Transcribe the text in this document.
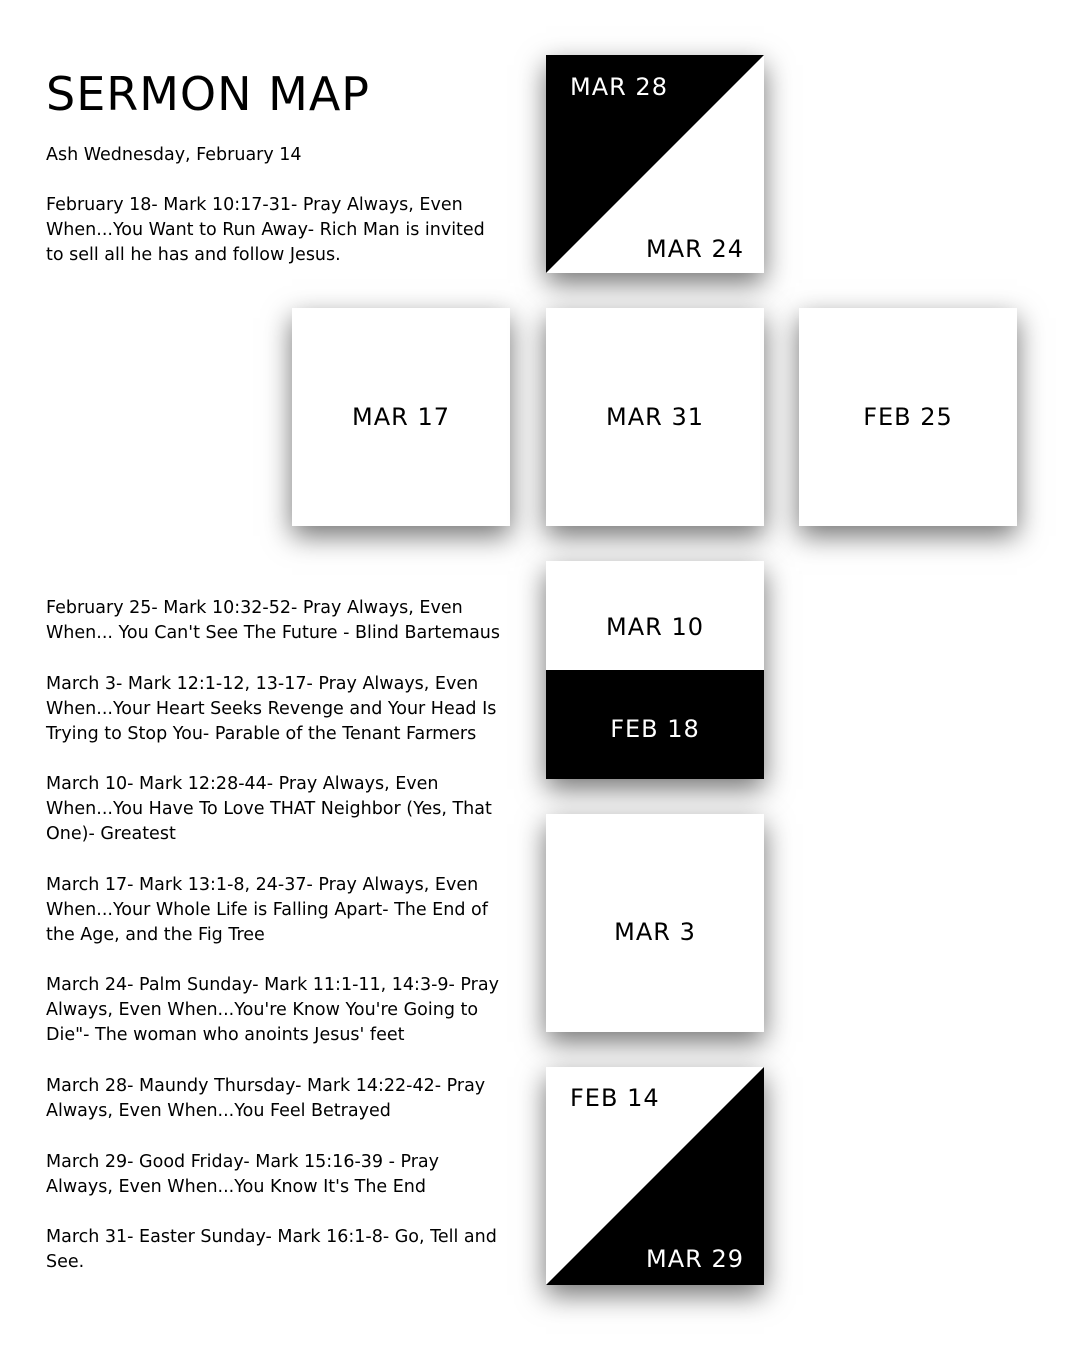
SERMON MAP

Ash Wednesday, February 14

February 18- Mark 10:17-31- Pray Always, Even When...You Want to Run Away- Rich Man is invited to sell all he has and follow Jesus.

February 25- Mark 10:32-52- Pray Always, Even When... You Can't See The Future - Blind Bartemaus

March 3- Mark 12:1-12, 13-17- Pray Always, Even When...Your Heart Seeks Revenge and Your Head Is Trying to Stop You- Parable of the Tenant Farmers

March 10- Mark 12:28-44- Pray Always, Even When...You Have To Love THAT Neighbor (Yes, That One)- Greatest

March 17- Mark 13:1-8, 24-37- Pray Always, Even When...Your Whole Life is Falling Apart- The End of the Age, and the Fig Tree

March 24- Palm Sunday- Mark 11:1-11, 14:3-9- Pray Always, Even When...You're Know You're Going to Die"- The woman who anoints Jesus' feet

March 28- Maundy Thursday- Mark 14:22-42- Pray Always, Even When...You Feel Betrayed

March 29- Good Friday- Mark 15:16-39 - Pray Always, Even When...You Know It's The End

March 31- Easter Sunday- Mark 16:1-8- Go, Tell and See.

MAR 28
MAR 24
MAR 17	MAR 31	FEB 25
MAR 10
FEB 18
MAR 3
FEB 14
MAR 29
